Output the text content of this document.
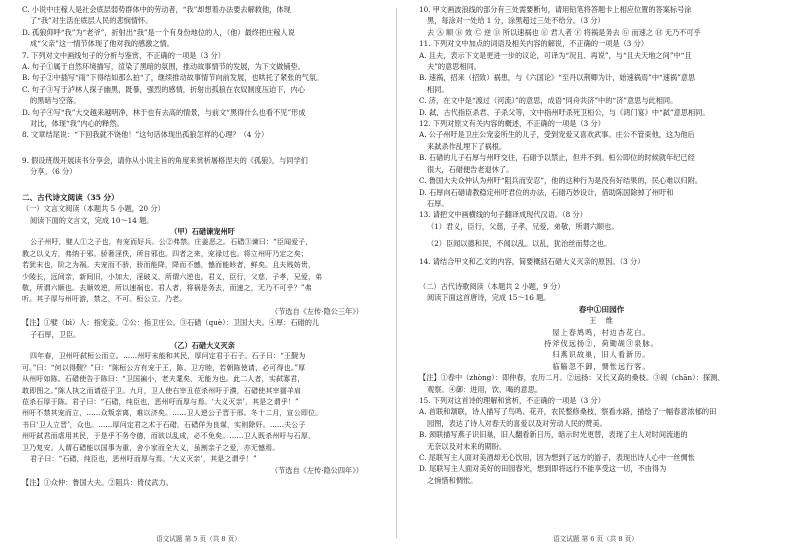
C. 小说中庄稼人是社会底层弱势群体中的劳动者，“我”却想着办法要去解救他，体现
了“我”对生活在底层人民的悲悯情怀。
D. 孤狼仰呼“我”为“老爷”，折射出“我”是一个有身份地位的人，（他）最终把庄稼人说
成“父亲”这一情节体现了他对我的感激之情。
7. 下列对文中画线句子的分析与鉴赏，不正确的一项是（3 分）
A. 句子①属于自然环境描写，渲染了黑暗的氛围，推动故事情节的发展，为下文做铺垫。
B. 句子②中插写“雨”下得结如那么拍“了，继续推动故事情节向前发展，也哄托了紧张的气氛。
C. 句子③写于泸林人探子幽黑，既暴，强烈的感情，折射出孤狼在农奴制度压迫下，内心
的黑暗与空落。
D. 句子④写“我”大交越来越明净，林于也有去高的情景，与前文“黑得什么也看不见”形成
对比，体现“我”内心的释然。
8. 文章结尾说：“下回我就不饶他！”这句话体现出孤狼怎样的心理？（4 分）
9. 假设班级开展读书分享会，请你从小说主旨的角度来赏析屠格涅夫的《孤狼》，与同学们
分享。（6 分）
二、古代诗文阅读（35 分）
（一）文言文阅读（本题共 5 小题，20 分）
阅读下面的文言文，完成 10～14 题。
（甲）石碏谏宠州吁
公子州吁，嬖人①之子也，有宠而好兵。公②弗禁。庄姜恶之。石碏③谏曰：“臣闻爱子，
教之以义方，弗纳于邪。骄奢淫佚，所自邪也。四者之来，宠禄过也。将立州吁乃定之矣；
若犹未也，阶之为祸。夫宠而不骄，骄而能降，降而不憾，憾而能眕者，鲜矣。且夫贱妨贵，
少陵长，远间亲，新间旧，小加大，淫破义，所谓六逆也。君义，臣行，父慈，子孝，兄爱，弟
敬，所谓六顺也。去顺效逆，所以速祸也。君人者，将祸是务去，而速之，无乃不可乎？”弗
听。其子厚与州吁游，禁之，不可。桓公立，乃老。
（节选自《左传·隐公三年》）
【注】①嬖（bì）人：指宠妾。②公：指卫庄公。③石碏（què）：卫国大夫。④厚：石碏的儿
子石厚，卫臣。
（乙）石碏大义灭亲
四年春，卫州吁弑桓公而立。……州吁未能和其民，厚问定君于石子。石子曰：“王觐为
可。”曰：“何以得觐？”曰：“陈桓公方有宠于王，陈、卫方睦，若朝陈使请，必可得也。”厚
从州吁如陈。石碏使告于陈曰：“卫国褊小，老夫耄矣，无能为也。此二人者，实弑寡君，
敢即图之。”陈人执之而请莅于卫。九月，卫人使右宰丑莅杀州吁于濮，石碏使其宰獳羊肩
莅杀石厚于陈。君子曰：“石碏，纯臣也，恶州吁而厚与焉。‘大义灭亲’，其是之谓乎！”
州吁不禁其宠而立，……众叛亲离，难以济矣。……卫人逆公子晋于邢。冬十二月，宣公即位。
书曰‘卫人立晋’，众也。……厚问定君之术于石碏，石碏佯为良谋，实则除奸。……夫公子
州吁弑君而虐用其民，于是乎不务令德，而欲以乱成，必不免矣。……卫人既杀州吁与石厚，
卫乃复安。人谓石碏能以国事为重，舍小家而全大义，虽割亲子之爱，亦无憾焉。
君子曰：“石碏，纯臣也，恶州吁而厚与焉。‘大义灭亲’，其是之谓乎！”
（节选自《左传·隐公四年》）
【注】①众仲：鲁国大夫。②阻兵：倚仗武力。
10. 甲文画波浪线的部分有三处需要断句，请用铅笔将答题卡上相应位置的答案标号涂
黑，每涂对一处给 1 分，涂黑超过三处不给分。（3 分）
去 Ⓐ 顺 Ⓑ 效 Ⓒ 逆 Ⓓ 所以速祸也 Ⓔ 君人者 Ⓕ 将祸是务去 Ⓖ 而速之 Ⓗ 无乃不可乎
11. 下列对文中加点的词语及相关内容的解说，不正确的一项是（3 分）
A. 且夫，表示下文是更进一步的议论，可译为“况且、再说”，与“且夫天地之间”中“且
夫”的意思相同。
B. 速祸，招来（招致）祸患，与《六国论》“至丹以荆卿为计，始速祸焉”中“速祸”意思
相同。
C. 济，在文中是“渡过（河流）”的意思，成语“同舟共济”中的“济”意思与此相同。
D. 弑，古代指臣杀君、子杀父等，文中指州吁杀死卫桓公，与《鸿门宴》中“弑”意思相同。
12. 下列对原文有关内容的概述，不正确的一项是（3 分）
A. 公子州吁是卫庄公宠妾所生的儿子，受到宠爱又喜欢武事。庄公不管束他，这为他后
来弑杀作乱埋下了祸根。
B. 石碏的儿子石厚与州吁交往，石碏予以禁止，但并不到。桓公即位的时候就年纪已经
很大，石碏便告老退休了。
C. 鲁国大夫众仲认为州吁“阻兵而安忍”，他的这种行为是没有好结果的，民心难以归附。
D. 石厚向石碏请教稳定州吁君位的办法，石碏巧妙设计，借助陈国除掉了州吁和
石厚。
13. 请把文中画横线的句子翻译成现代汉语。（8 分）
（1）君义，臣行，父慈，子孝，兄爱，弟敬，所谓六顺也。
（2）臣闻以德和民，不闻以乱。以乱，犹治丝而棼之也。
14. 请结合甲文和乙文的内容，简要概括石碏大义灭亲的原因。（3 分）
（二）古代诗歌阅读（本题共 2 小题，9 分）
阅读下面这首唐诗，完成 15～16 题。
春中①田园作
王　维
屋上春鸠鸣，村边杏花白。
持斧伐远扬②，荷锄觇③泉脉。
归燕识故巢，旧人看新历。
临觞忽不御，惆怅远行客。
【注】①春中（zhòng）：即仲春，农历二月。②远扬：又长又高的桑枝。③觇（chān）：探测、
观察。④御：进用，饮、喝的意思。
15. 下列对这首诗的理解和赏析，不正确的一项是（3 分）
A. 首联和颔联，诗人描写了鸟鸣、花开，农民整修桑枝、察看水路，描绘了一幅春意浓郁的田
园图，表达了诗人对春天的喜爱以及对劳动人民的赞美。
B. 颈联描写燕子识旧巢，旧人翻看新日历，暗示时光更替，表现了主人对时间流逝的
无奈以及对未来的期盼。
C. 尾联写主人面对美酒却无心饮用，因为想到了远方的游子，表现出诗人心中一丝惆怅
D. 尾联写主人面对美好的田园春光，想到即将远行不能享受这一切，不由得为
之惋惜和惆怅。
语文试题 第 5 页（共 8 页）	语文试题 第 6 页（共 8 页）
